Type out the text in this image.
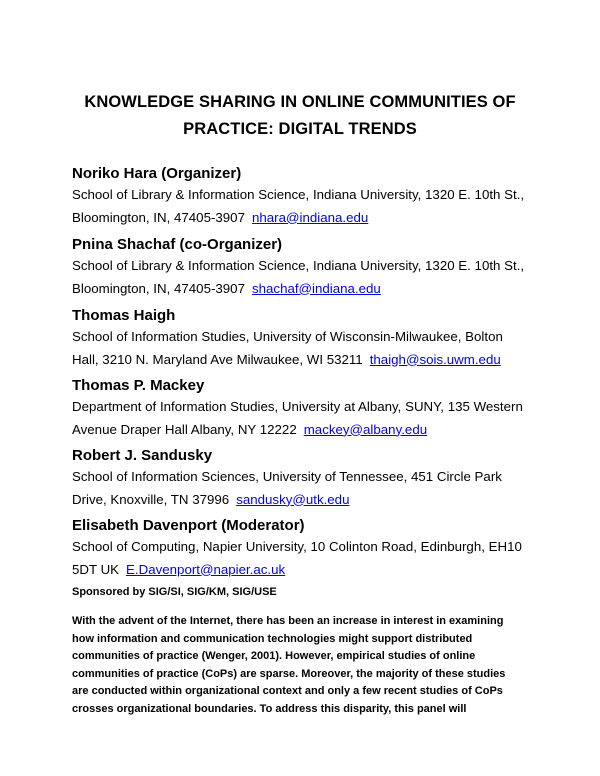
KNOWLEDGE SHARING IN ONLINE COMMUNITIES OF
PRACTICE: DIGITAL TRENDS
Noriko Hara (Organizer)
School of Library & Information Science, Indiana University, 1320 E. 10th St.,
Bloomington, IN, 47405-3907 nhara@indiana.edu
Pnina Shachaf (co-Organizer)
School of Library & Information Science, Indiana University, 1320 E. 10th St.,
Bloomington, IN, 47405-3907 shachaf@indiana.edu
Thomas Haigh
School of Information Studies, University of Wisconsin-Milwaukee, Bolton
Hall, 3210 N. Maryland Ave Milwaukee, WI 53211 thaigh@sois.uwm.edu
Thomas P. Mackey
Department of Information Studies, University at Albany, SUNY, 135 Western
Avenue Draper Hall Albany, NY 12222 mackey@albany.edu
Robert J. Sandusky
School of Information Sciences, University of Tennessee, 451 Circle Park
Drive, Knoxville, TN 37996 sandusky@utk.edu
Elisabeth Davenport (Moderator)
School of Computing, Napier University, 10 Colinton Road, Edinburgh, EH10
5DT UK E.Davenport@napier.ac.uk
Sponsored by SIG/SI, SIG/KM, SIG/USE
With the advent of the Internet, there has been an increase in interest in examining
how information and communication technologies might support distributed
communities of practice (Wenger, 2001). However, empirical studies of online
communities of practice (CoPs) are sparse. Moreover, the majority of these studies
are conducted within organizational context and only a few recent studies of CoPs
crosses organizational boundaries. To address this disparity, this panel will
